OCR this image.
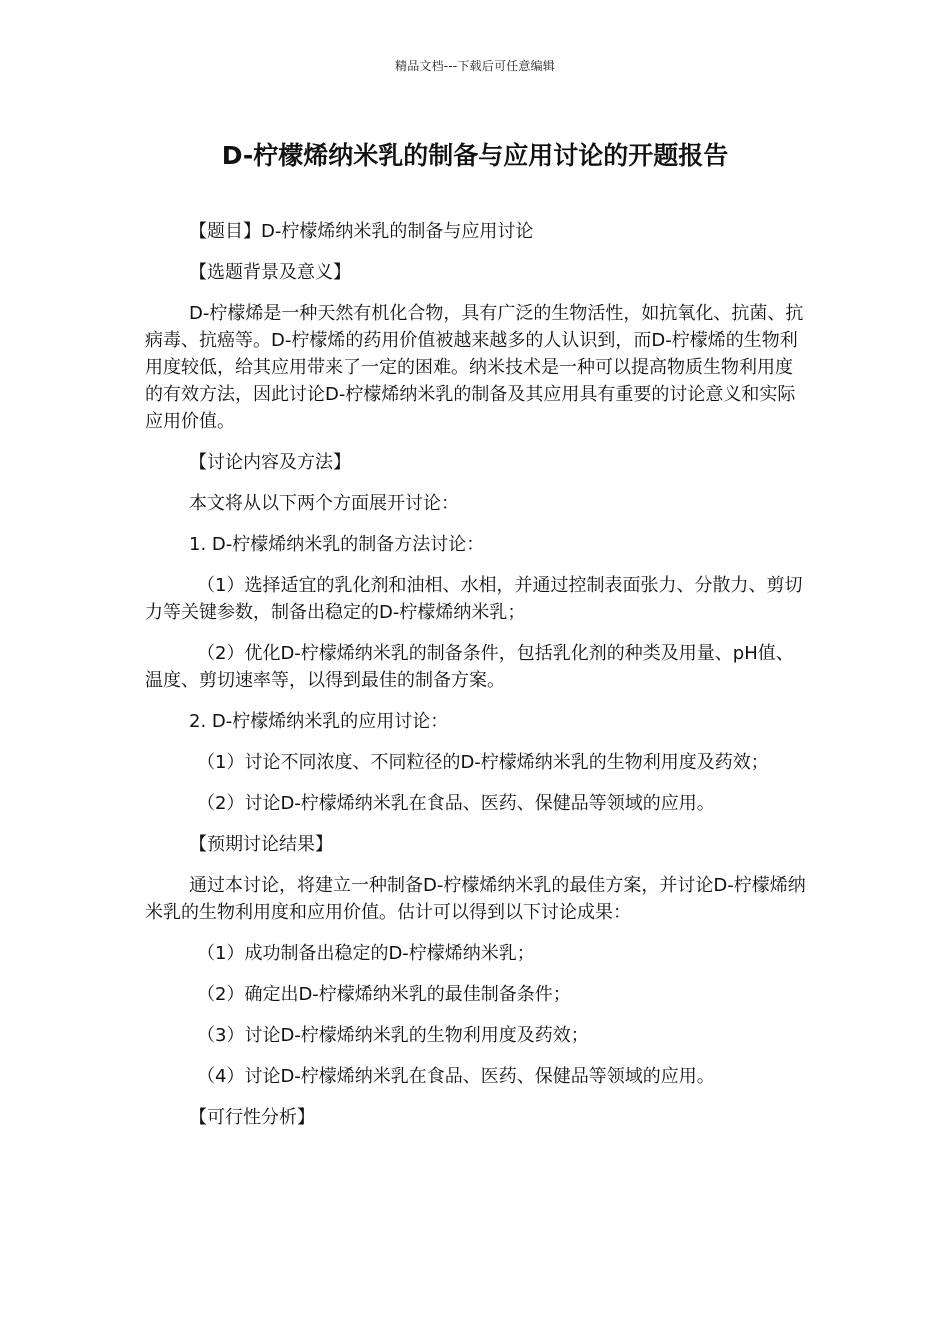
精品文档---下载后可任意编辑
D-柠檬烯纳米乳的制备与应用讨论的开题报告

【题目】D-柠檬烯纳米乳的制备与应用讨论

【选题背景及意义】

D-柠檬烯是一种天然有机化合物，具有广泛的生物活性，如抗氧化、抗菌、抗病毒、抗癌等。D-柠檬烯的药用价值被越来越多的人认识到，而D-柠檬烯的生物利用度较低，给其应用带来了一定的困难。纳米技术是一种可以提高物质生物利用度的有效方法，因此讨论D-柠檬烯纳米乳的制备及其应用具有重要的讨论意义和实际应用价值。

【讨论内容及方法】

本文将从以下两个方面展开讨论：

1. D-柠檬烯纳米乳的制备方法讨论：

（1）选择适宜的乳化剂和油相、水相，并通过控制表面张力、分散力、剪切力等关键参数，制备出稳定的D-柠檬烯纳米乳；

（2）优化D-柠檬烯纳米乳的制备条件，包括乳化剂的种类及用量、pH值、温度、剪切速率等，以得到最佳的制备方案。

2. D-柠檬烯纳米乳的应用讨论：

（1）讨论不同浓度、不同粒径的D-柠檬烯纳米乳的生物利用度及药效；

（2）讨论D-柠檬烯纳米乳在食品、医药、保健品等领域的应用。

【预期讨论结果】

通过本讨论，将建立一种制备D-柠檬烯纳米乳的最佳方案，并讨论D-柠檬烯纳米乳的生物利用度和应用价值。估计可以得到以下讨论成果：

（1）成功制备出稳定的D-柠檬烯纳米乳；

（2）确定出D-柠檬烯纳米乳的最佳制备条件；

（3）讨论D-柠檬烯纳米乳的生物利用度及药效；

（4）讨论D-柠檬烯纳米乳在食品、医药、保健品等领域的应用。

【可行性分析】
